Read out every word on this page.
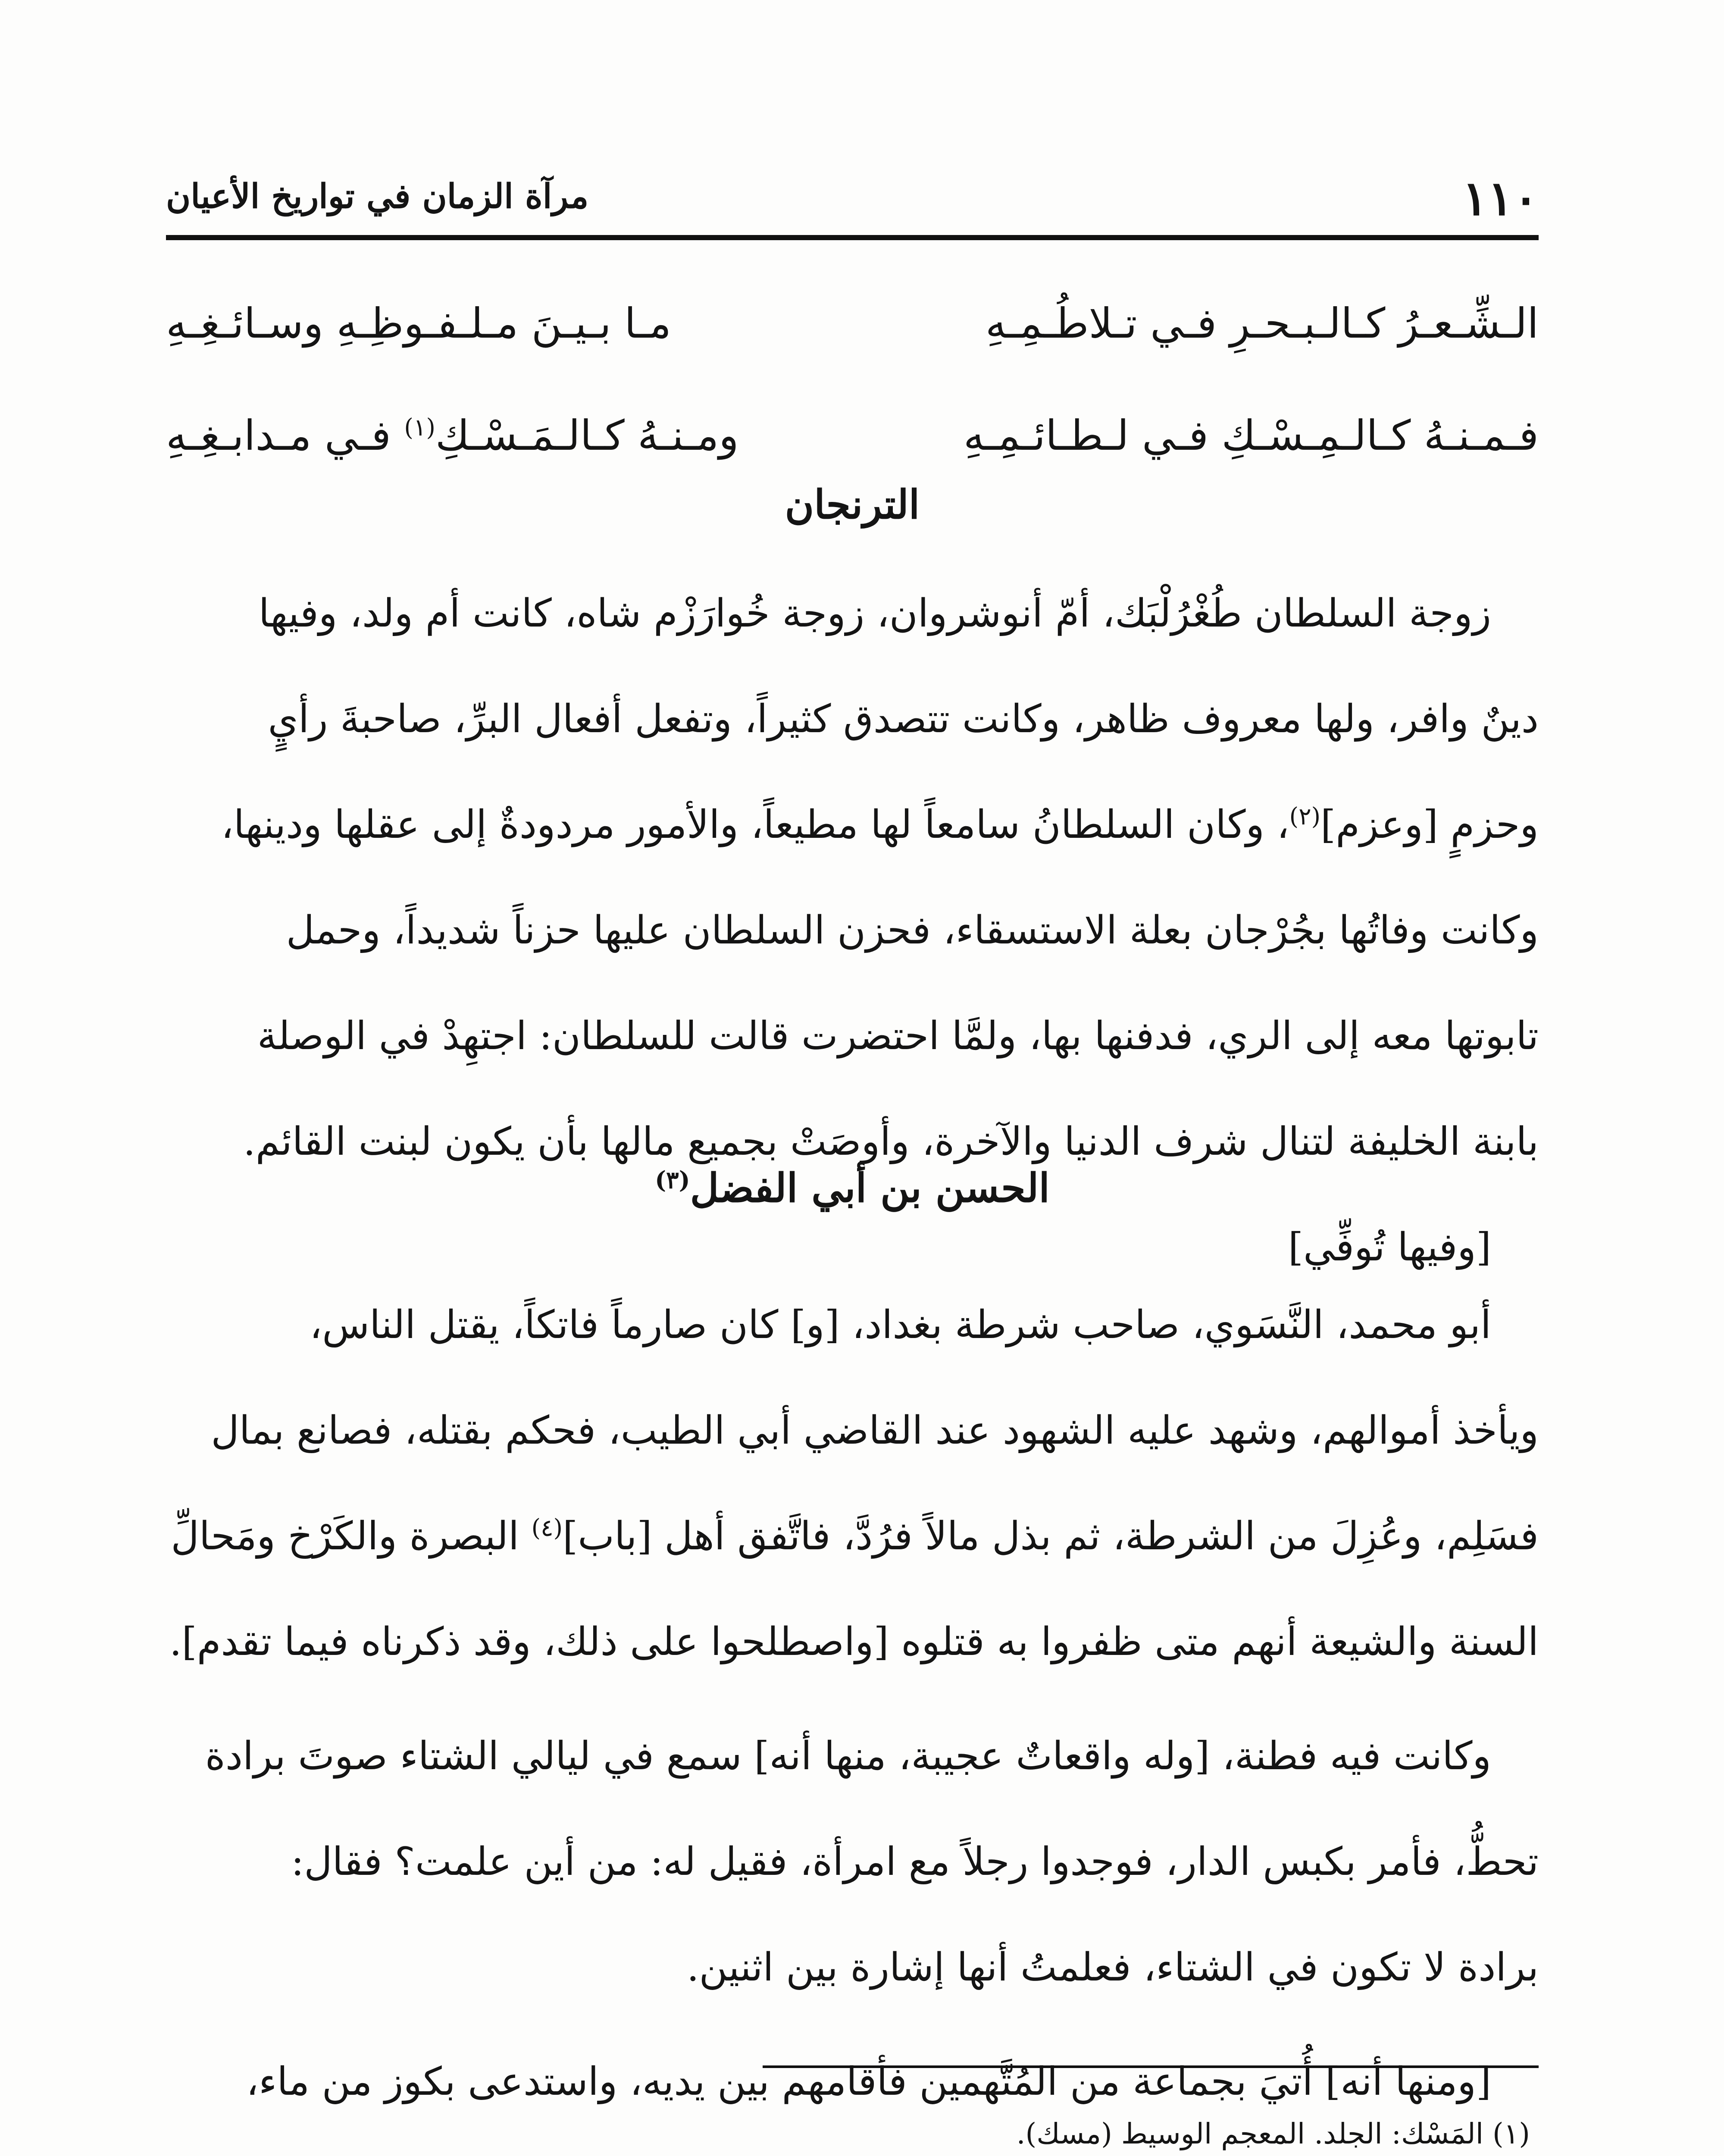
١١٠
مرآة الزمان في تواريخ الأعيان
الـشِّـعـرُ كـالـبـحـرِ فـي تـلاطُـمِـهِ
مـا بـيـنَ مـلـفـوظِـهِ وسـائـغِـهِ
فـمـنـهُ كـالـمِـسْـكِ فـي لـطـائـمِـهِ
ومـنـهُ كـالـمَـسْـكِ$^{(١)}$ فـي مـدابـغِـهِ
الترنجان

زوجة السلطان طُغْرُلْبَك، أمّ أنوشروان، زوجة خُوارَزْم شاه، كانت أم ولد، وفيها
دينٌ وافر، ولها معروف ظاهر، وكانت تتصدق كثيراً، وتفعل أفعال البرِّ، صاحبةَ رأيٍ
وحزمٍ [وعزم]$^{(٢)}$، وكان السلطانُ سامعاً لها مطيعاً، والأمور مردودةٌ إلى عقلها ودينها،
وكانت وفاتُها بجُرْجان بعلة الاستسقاء، فحزن السلطان عليها حزناً شديداً، وحمل
تابوتها معه إلى الري، فدفنها بها، ولمَّا احتضرت قالت للسلطان: اجتهِدْ في الوصلة
بابنة الخليفة لتنال شرف الدنيا والآخرة، وأوصَتْ بجميع مالها بأن يكون لبنت القائم.

[وفيها تُوفِّي]
الحسن بن أبي الفضل$^{(٣)}$

أبو محمد، النَّسَوي، صاحب شرطة بغداد، [و] كان صارماً فاتكاً، يقتل الناس،
ويأخذ أموالهم، وشهد عليه الشهود عند القاضي أبي الطيب، فحكم بقتله، فصانع بمال
فسَلِم، وعُزِلَ من الشرطة، ثم بذل مالاً فرُدَّ، فاتَّفق أهل [باب]$^{(٤)}$ البصرة والكَرْخ ومَحالِّ
السنة والشيعة أنهم متى ظفروا به قتلوه [واصطلحوا على ذلك، وقد ذكرناه فيما تقدم].

وكانت فيه فطنة، [وله واقعاتٌ عجيبة، منها أنه] سمع في ليالي الشتاء صوتَ برادة
تحطُّ، فأمر بكبس الدار، فوجدوا رجلاً مع امرأة، فقيل له: من أين علمت؟ فقال:
برادة لا تكون في الشتاء، فعلمتُ أنها إشارة بين اثنين.

[ومنها أنه] أُتيَ بجماعة من المُتَّهمين فأقامهم بين يديه، واستدعى بكوز من ماء،

(١) المَسْك: الجلد. المعجم الوسيط (مسك).
